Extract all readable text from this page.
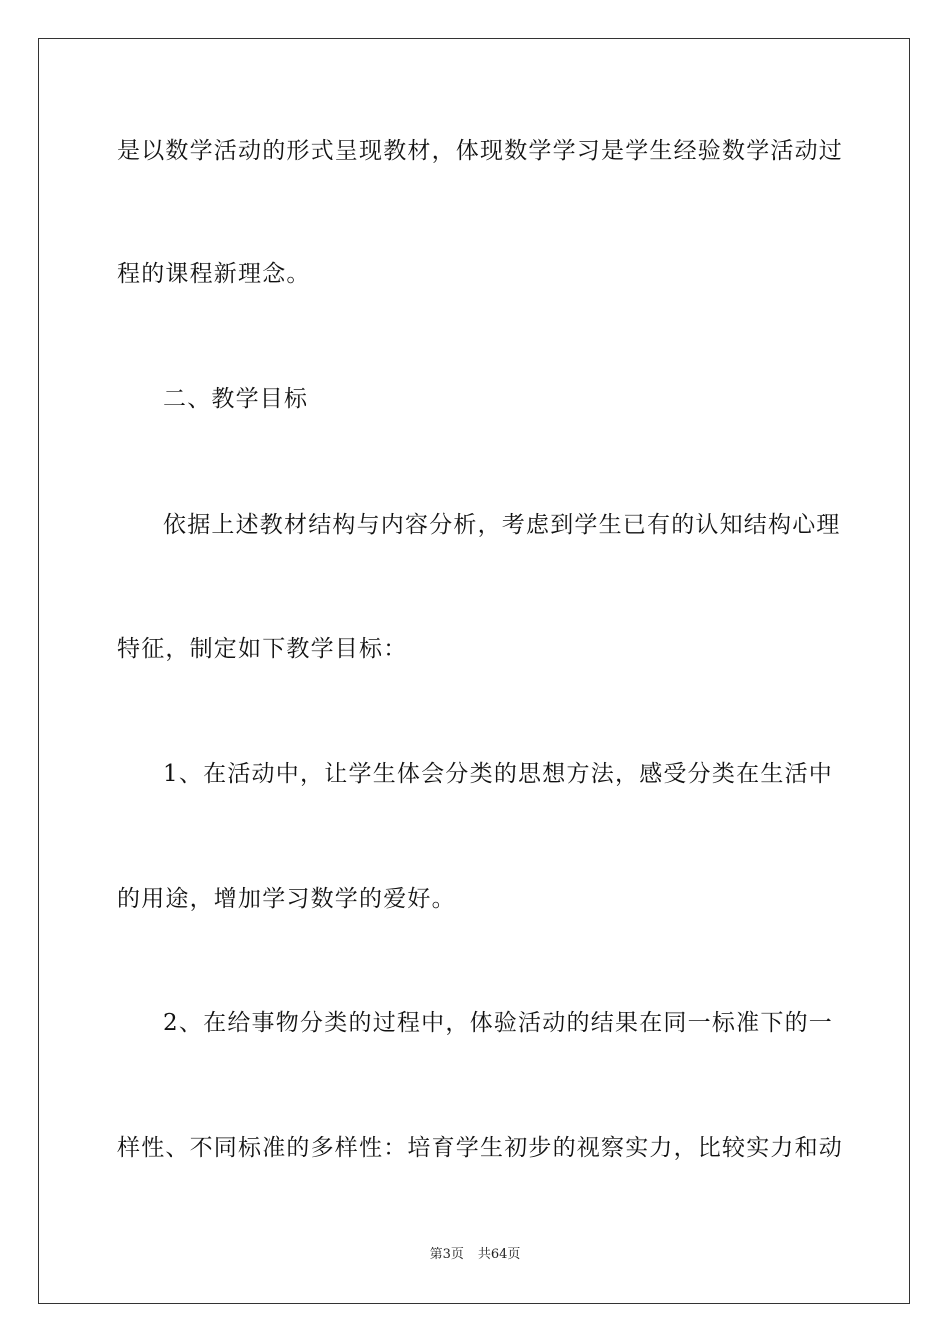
是以数学活动的形式呈现教材，体现数学学习是学生经验数学活动过
程的课程新理念。
二、教学目标
依据上述教材结构与内容分析，考虑到学生已有的认知结构心理
特征，制定如下教学目标：
1、在活动中，让学生体会分类的思想方法，感受分类在生活中
的用途，增加学习数学的爱好。
2、在给事物分类的过程中，体验活动的结果在同一标准下的一
样性、不同标准的多样性：培育学生初步的视察实力，比较实力和动
第3页 共64页
